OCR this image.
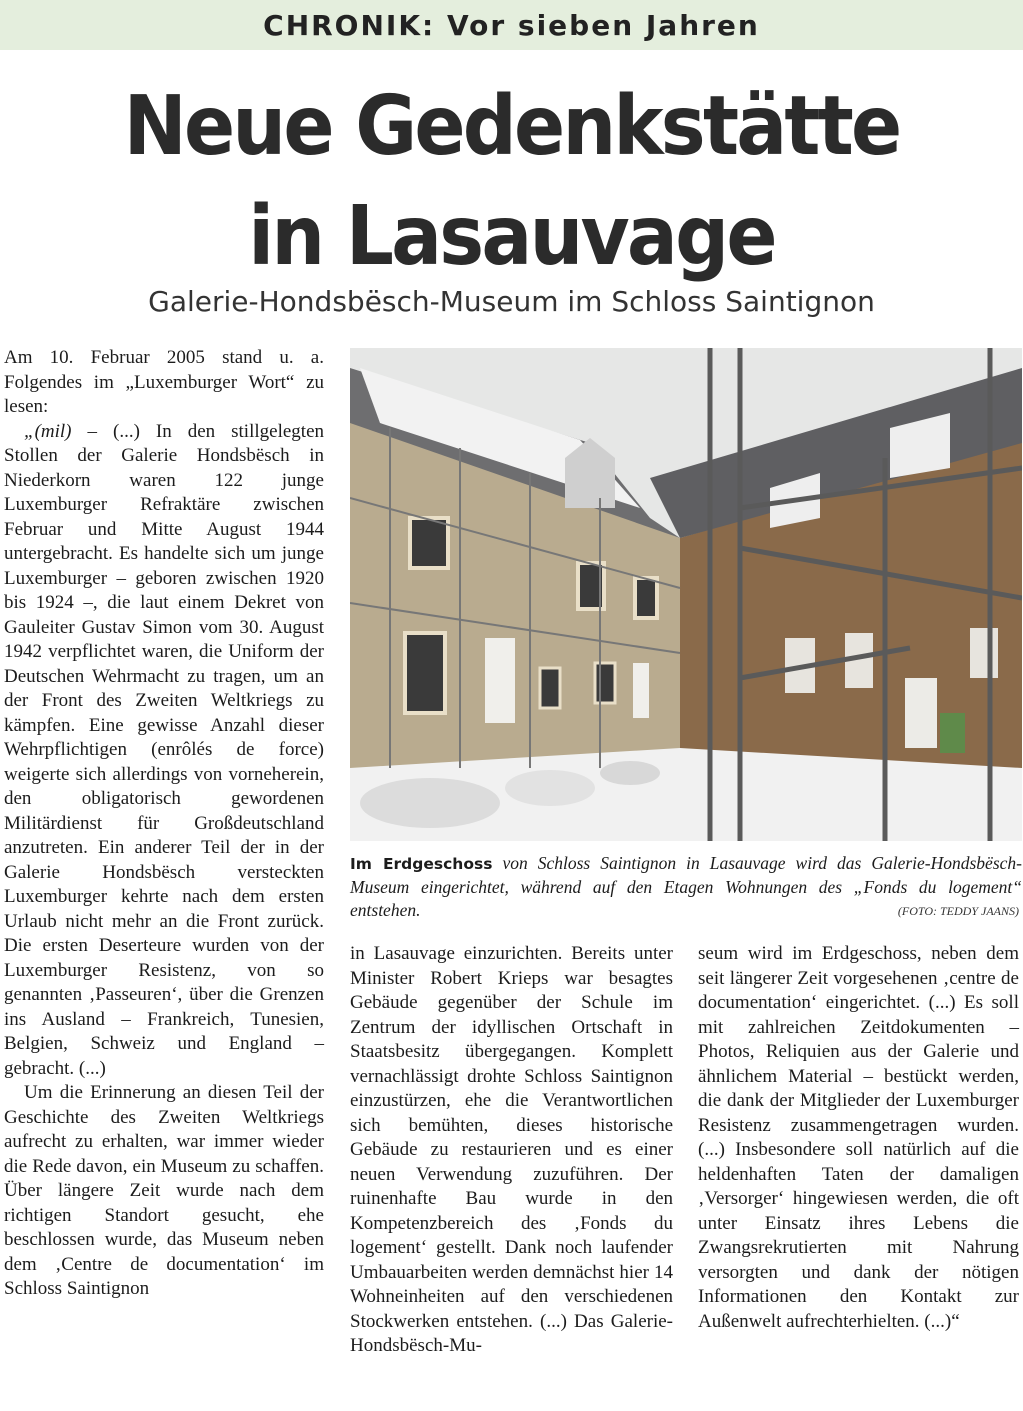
CHRONIK: Vor sieben Jahren
Neue Gedenkstätte
in Lasauvage
Galerie-Hondsbësch-Museum im Schloss Saintignon

Am 10. Februar 2005 stand u. a. Folgendes im „Luxemburger Wort“ zu lesen:

„(mil) – (...) In den stillgelegten Stollen der Galerie Hondsbësch in Niederkorn waren 122 junge Luxemburger Refraktäre zwischen Februar und Mitte August 1944 untergebracht. Es handelte sich um junge Luxemburger – geboren zwischen 1920 bis 1924 –, die laut einem Dekret von Gauleiter Gustav Simon vom 30. August 1942 verpflichtet waren, die Uniform der Deutschen Wehrmacht zu tragen, um an der Front des Zweiten Weltkriegs zu kämpfen. Eine gewisse Anzahl dieser Wehrpflichtigen (enrôlés de force) weigerte sich allerdings von vorneherein, den obligatorisch gewordenen Militärdienst für Großdeutschland anzutreten. Ein anderer Teil der in der Galerie Hondsbësch versteckten Luxemburger kehrte nach dem ersten Urlaub nicht mehr an die Front zurück. Die ersten Deserteure wurden von der Luxemburger Resistenz, von so genannten ‚Passeuren‘, über die Grenzen ins Ausland – Frankreich, Tunesien, Belgien, Schweiz und England – gebracht. (...)

Um die Erinnerung an diesen Teil der Geschichte des Zweiten Weltkriegs aufrecht zu erhalten, war immer wieder die Rede davon, ein Museum zu schaffen. Über längere Zeit wurde nach dem richtigen Standort gesucht, ehe beschlossen wurde, das Museum neben dem ‚Centre de documentation‘ im Schloss Saintignon

Im Erdgeschoss von Schloss Saintignon in Lasauvage wird das Galerie-Hondsbësch-Museum eingerichtet, während auf den Etagen Wohnungen des „Fonds du logement“ entstehen.	(FOTO: TEDDY JAANS)

in Lasauvage einzurichten. Bereits unter Minister Robert Krieps war besagtes Gebäude gegenüber der Schule im Zentrum der idyllischen Ortschaft in Staatsbesitz übergegangen. Komplett vernachlässigt drohte Schloss Saintignon einzustürzen, ehe die Verantwortlichen sich bemühten, dieses historische Gebäude zu restaurieren und es einer neuen Verwendung zuzuführen. Der ruinenhafte Bau wurde in den Kompetenzbereich des ‚Fonds du logement‘ gestellt. Dank noch laufender Umbauarbeiten werden demnächst hier 14 Wohneinheiten auf den verschiedenen Stockwerken entstehen. (...) Das Galerie-Hondsbësch-Mu-

seum wird im Erdgeschoss, neben dem seit längerer Zeit vorgesehenen ‚centre de documentation‘ eingerichtet. (...) Es soll mit zahlreichen Zeitdokumenten – Photos, Reliquien aus der Galerie und ähnlichem Material – bestückt werden, die dank der Mitglieder der Luxemburger Resistenz zusammengetragen wurden. (...) Insbesondere soll natürlich auf die heldenhaften Taten der damaligen ‚Versorger‘ hingewiesen werden, die oft unter Einsatz ihres Lebens die Zwangsrekrutierten mit Nahrung versorgten und dank der nötigen Informationen den Kontakt zur Außenwelt aufrechterhielten. (...)“
